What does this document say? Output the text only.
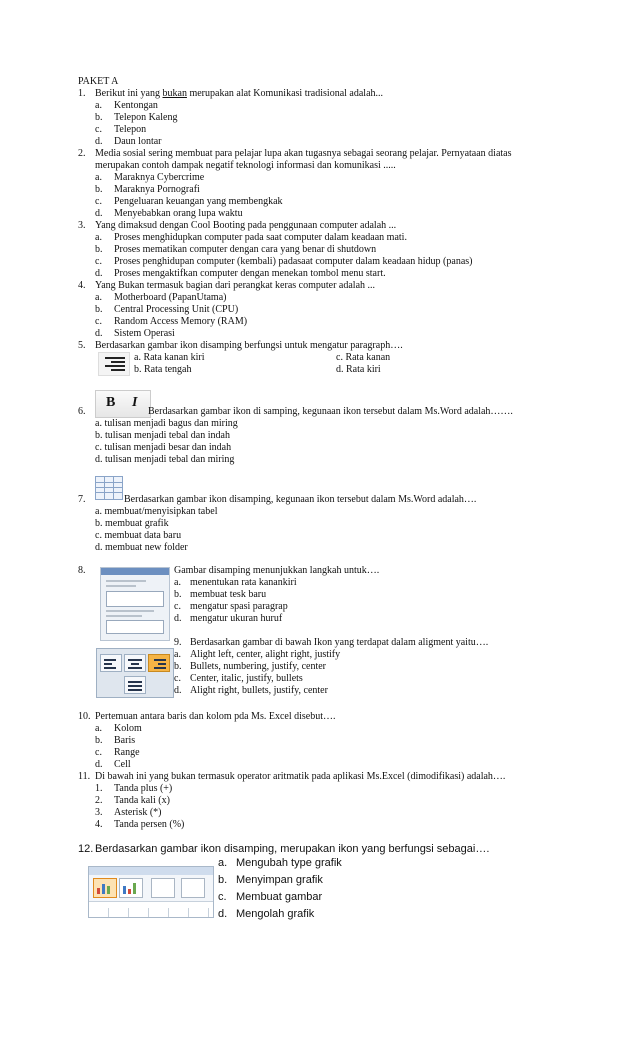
PAKET A
1. Berikut ini yang bukan merupakan alat Komunikasi tradisional adalah...
a. Kentongan
b. Telepon Kaleng
c. Telepon
d. Daun lontar
2. Media sosial sering membuat para pelajar lupa akan tugasnya sebagai seorang pelajar. Pernyataan diatas
merupakan contoh dampak negatif teknologi informasi dan komunikasi .....
a. Maraknya Cybercrime
b. Maraknya Pornografi
c. Pengeluaran keuangan yang membengkak
d. Menyebabkan orang lupa waktu
3. Yang dimaksud dengan Cool Booting pada penggunaan computer adalah ...
a. Proses menghidupkan computer pada saat computer dalam keadaan mati.
b. Proses mematikan computer dengan cara yang benar di shutdown
c. Proses penghidupan computer (kembali) padasaat computer dalam keadaan hidup (panas)
d. Proses mengaktifkan computer dengan menekan tombol menu start.
4. Yang Bukan termasuk bagian dari perangkat keras computer adalah ...
a. Motherboard (PapanUtama)
b. Central Processing Unit (CPU)
c. Random Access Memory (RAM)
d. Sistem Operasi
5. Berdasarkan gambar ikon disamping berfungsi untuk mengatur paragraph….
a. Rata kanan kiri
b. Rata tengah
c. Rata kanan
d. Rata kiri
B I
6.	Berdasarkan gambar ikon di samping, kegunaan ikon tersebut dalam Ms.Word adalah…….
a. tulisan menjadi bagus dan miring
b. tulisan menjadi tebal dan indah
c. tulisan menjadi besar dan indah
d. tulisan menjadi tebal dan miring
7.	Berdasarkan gambar ikon disamping, kegunaan ikon tersebut dalam Ms.Word adalah….
a. membuat/menyisipkan tabel
b. membuat grafik
c. membuat data baru
d. membuat new folder
8.	Gambar disamping menunjukkan langkah untuk….
a. menentukan rata kanankiri
b. membuat tesk baru
c. mengatur spasi paragrap
d. mengatur ukuran huruf
9. Berdasarkan gambar di bawah Ikon yang terdapat dalam aligment yaitu….
a. Alight left, center, alight right, justify
b. Bullets, numbering, justify, center
c. Center, italic, justify, bullets
d. Alight right, bullets, justify, center
10. Pertemuan antara baris dan kolom pda Ms. Excel disebut….
a. Kolom
b. Baris
c. Range
d. Cell
11. Di bawah ini yang bukan termasuk operator aritmatik pada aplikasi Ms.Excel (dimodifikasi) adalah….
1. Tanda plus (+)
2. Tanda kali (x)
3. Asterisk (*)
4. Tanda persen (%)
12. Berdasarkan gambar ikon disamping, merupakan ikon yang berfungsi sebagai….
a. Mengubah type grafik
b. Menyimpan grafik
c. Membuat gambar
d. Mengolah grafik
